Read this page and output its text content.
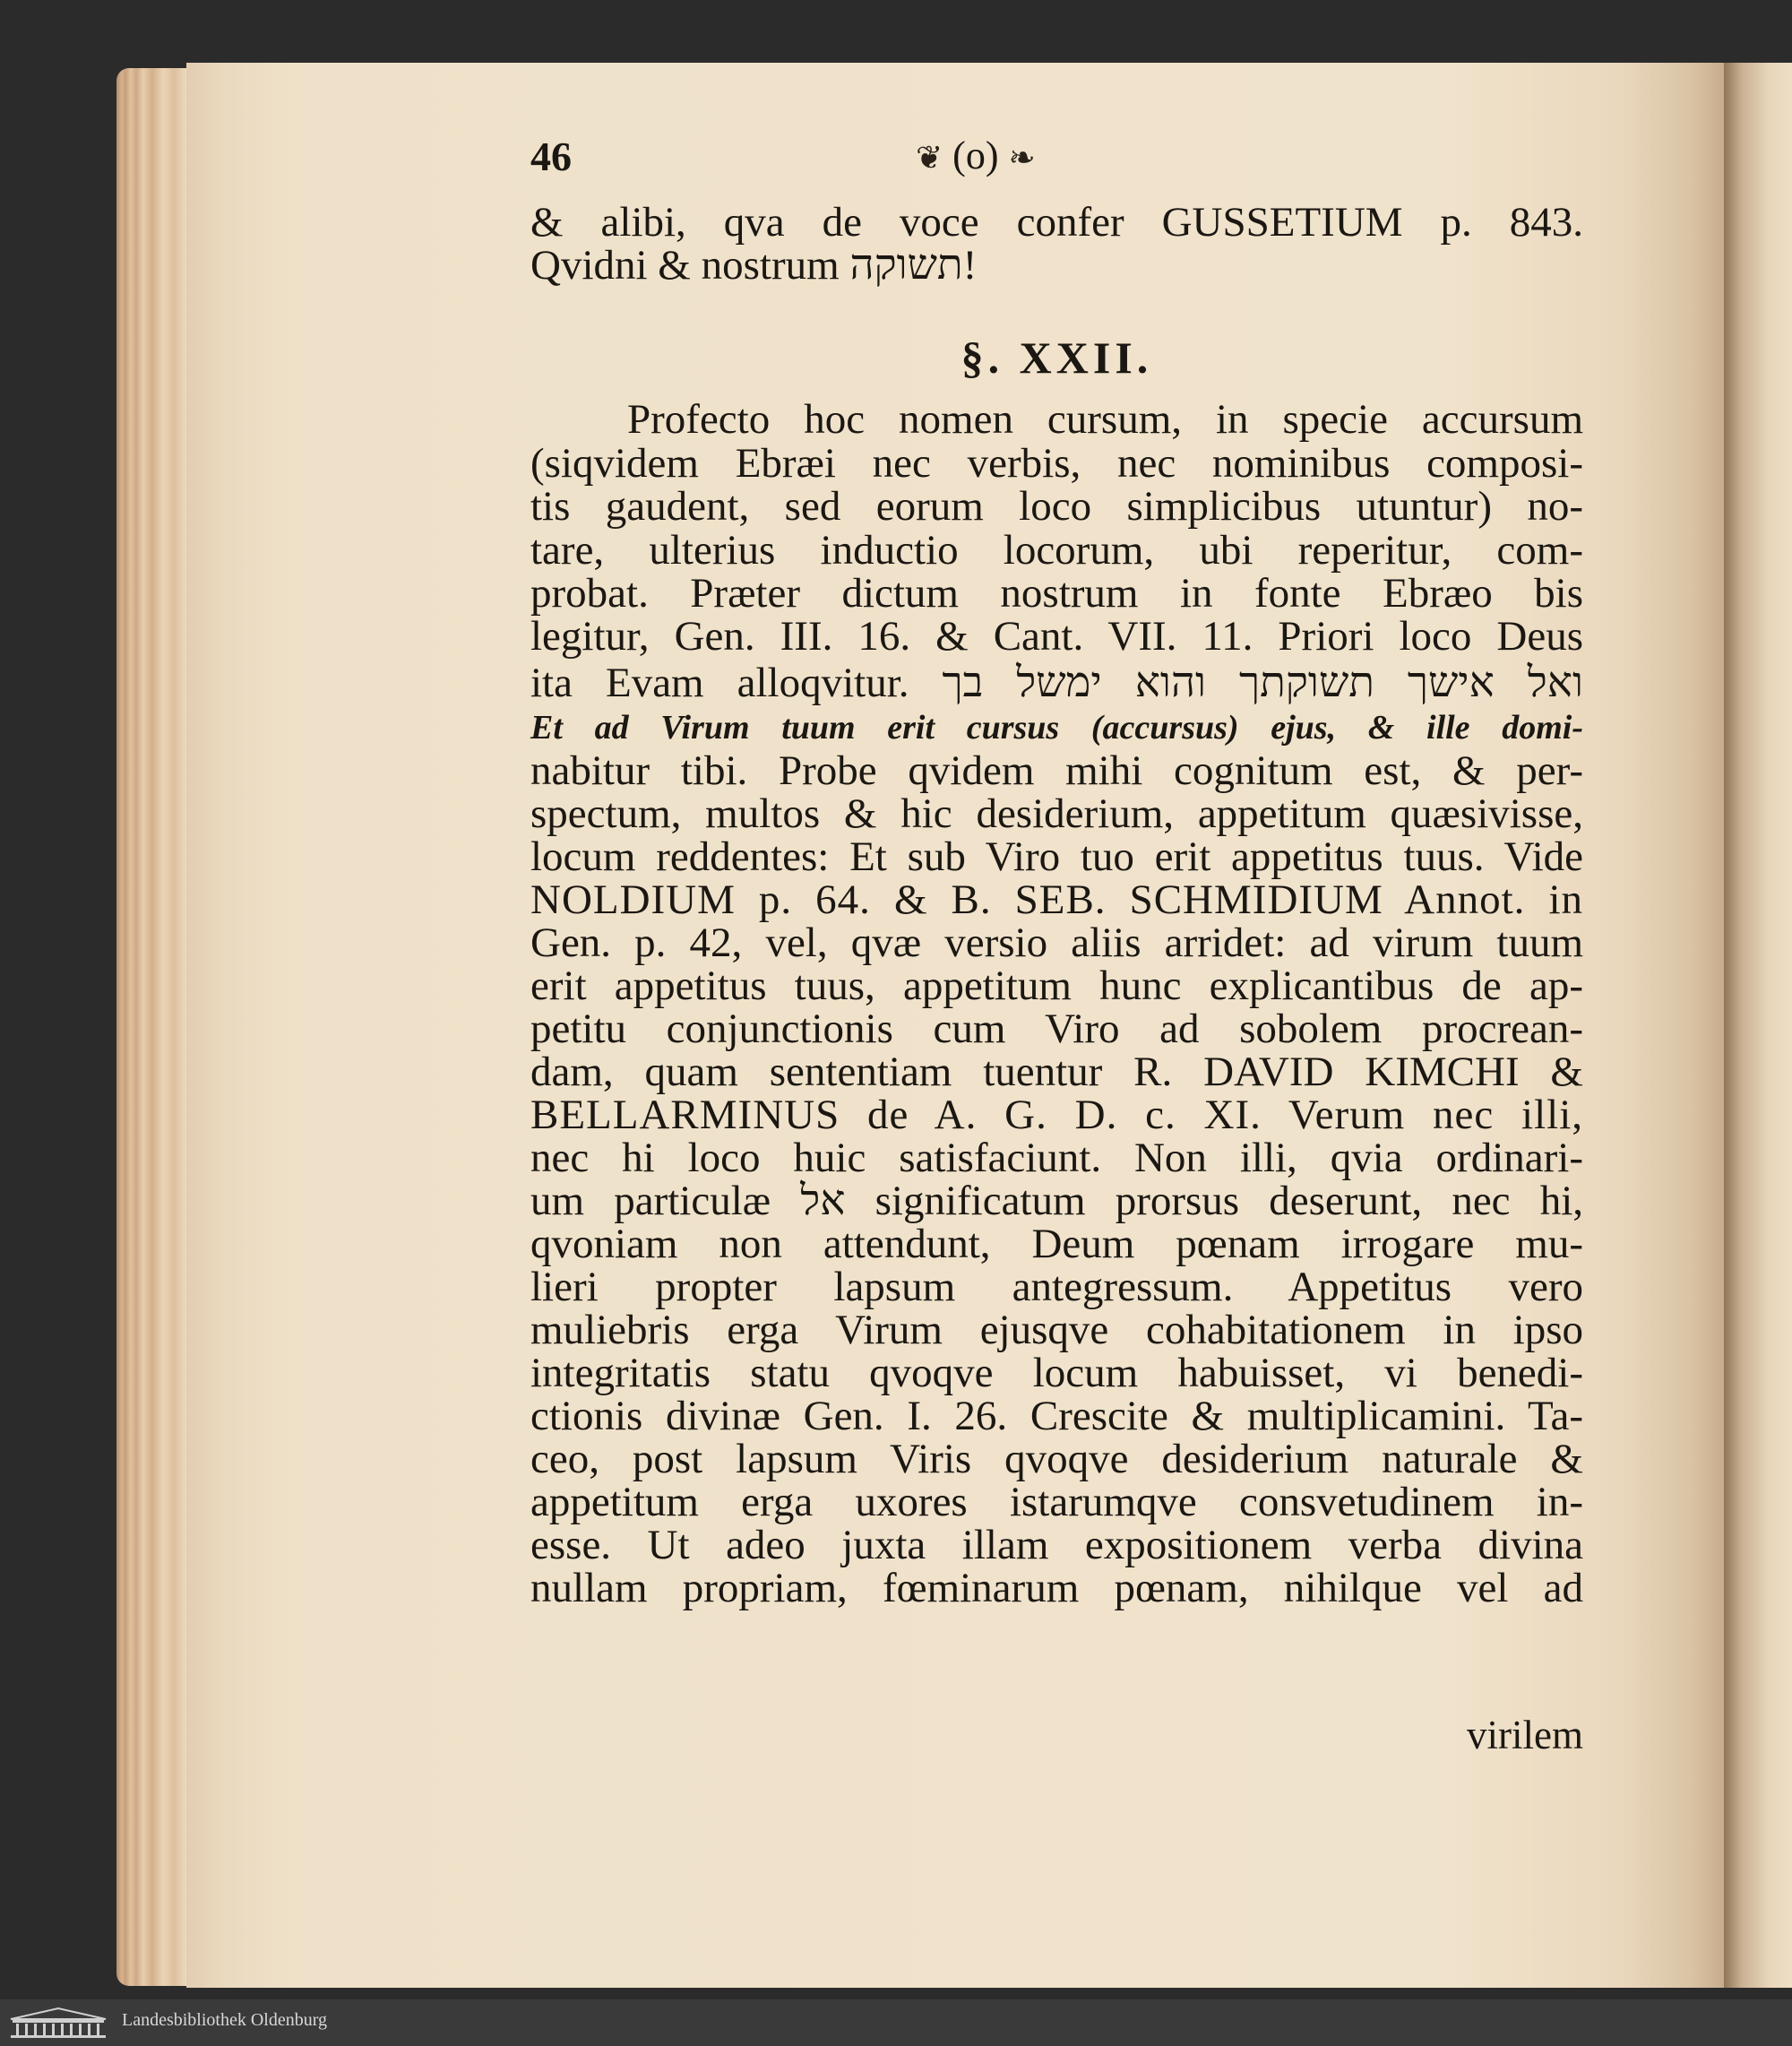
46	❦ (o) ❧
& alibi, qva de voce confer GUSSETIUM p. 843.
Qvidni & nostrum תשוקה!
§. XXII.
Profecto hoc nomen cursum, in specie accursum
(siqvidem Ebræi nec verbis, nec nominibus composi-
tis gaudent, sed eorum loco simplicibus utuntur) no-
tare, ulterius inductio locorum, ubi reperitur, com-
probat. Præter dictum nostrum in fonte Ebræo bis
legitur, Gen. III. 16. & Cant. VII. 11. Priori loco Deus
ita Evam alloqvitur. ואל אישך תשוקתך והוא ימשל בך
Et ad Virum tuum erit cursus (accursus) ejus, & ille domi-
nabitur tibi. Probe qvidem mihi cognitum est, & per-
spectum, multos & hic desiderium, appetitum quæsivisse,
locum reddentes: Et sub Viro tuo erit appetitus tuus. Vide
NOLDIUM p. 64. & B. SEB. SCHMIDIUM Annot. in
Gen. p. 42, vel, qvæ versio aliis arridet: ad virum tuum
erit appetitus tuus, appetitum hunc explicantibus de ap-
petitu conjunctionis cum Viro ad sobolem procrean-
dam, quam sententiam tuentur R. DAVID KIMCHI &
BELLARMINUS de A. G. D. c. XI. Verum nec illi,
nec hi loco huic satisfaciunt. Non illi, qvia ordinari-
um particulæ אל significatum prorsus deserunt, nec hi,
qvoniam non attendunt, Deum pœnam irrogare mu-
lieri propter lapsum antegressum. Appetitus vero
muliebris erga Virum ejusqve cohabitationem in ipso
integritatis statu qvoqve locum habuisset, vi benedi-
ctionis divinæ Gen. I. 26. Crescite & multiplicamini. Ta-
ceo, post lapsum Viris qvoqve desiderium naturale &
appetitum erga uxores istarumqve consvetudinem in-
esse. Ut adeo juxta illam expositionem verba divina
nullam propriam, fœminarum pœnam, nihilque vel ad
virilem
Landesbibliothek Oldenburg
